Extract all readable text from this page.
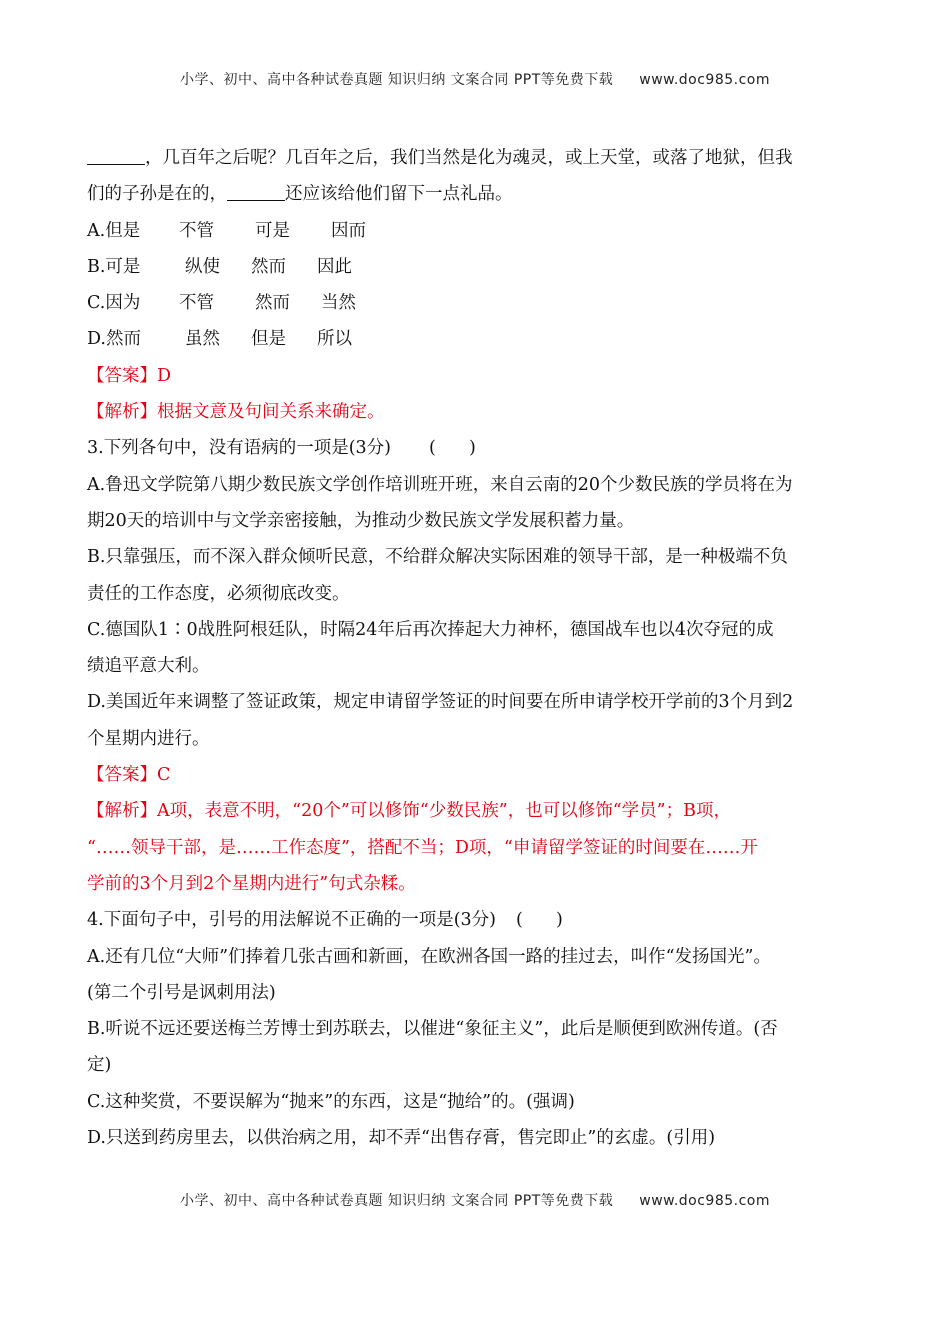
小学、初中、高中各种试卷真题 知识归纳 文案合同 PPT等免费下载 www.doc985.com

，几百年之后呢？几百年之后，我们当然是化为魂灵，或上天堂，或落了地狱，但我

们的子孙是在的，	还应该给他们留下一点礼品。

A.但是 不管 可是 因而

B.可是	纵使 然而 因此

C.因为 不管 然而 当然

D.然而	虽然 但是 所以

【答案】D

【解析】根据文意及句间关系来确定。

3.下列各句中，没有语病的一项是(3分) ( )

A.鲁迅文学院第八期少数民族文学创作培训班开班，来自云南的20个少数民族的学员将在为

期20天的培训中与文学亲密接触，为推动少数民族文学发展积蓄力量。

B.只靠强压，而不深入群众倾听民意，不给群众解决实际困难的领导干部，是一种极端不负

责任的工作态度，必须彻底改变。

C.德国队1∶0战胜阿根廷队，时隔24年后再次捧起大力神杯，德国战车也以4次夺冠的成

绩追平意大利。

D.美国近年来调整了签证政策，规定申请留学签证的时间要在所申请学校开学前的3个月到2

个星期内进行。

【答案】C

【解析】A项，表意不明，“20个”可以修饰“少数民族”，也可以修饰“学员”；B项，

“……领导干部，是……工作态度”，搭配不当；D项，“申请留学签证的时间要在……开

学前的3个月到2个星期内进行”句式杂糅。

4.下面句子中，引号的用法解说不正确的一项是(3分) ( )

A.还有几位“大师”们捧着几张古画和新画，在欧洲各国一路的挂过去，叫作“发扬国光”。

(第二个引号是讽刺用法)

B.听说不远还要送梅兰芳博士到苏联去，以催进“象征主义”，此后是顺便到欧洲传道。(否

定)

C.这种奖赏，不要误解为“抛来”的东西，这是“抛给”的。(强调)

D.只送到药房里去，以供治病之用，却不弄“出售存膏，售完即止”的玄虚。(引用)

小学、初中、高中各种试卷真题 知识归纳 文案合同 PPT等免费下载 www.doc985.com
